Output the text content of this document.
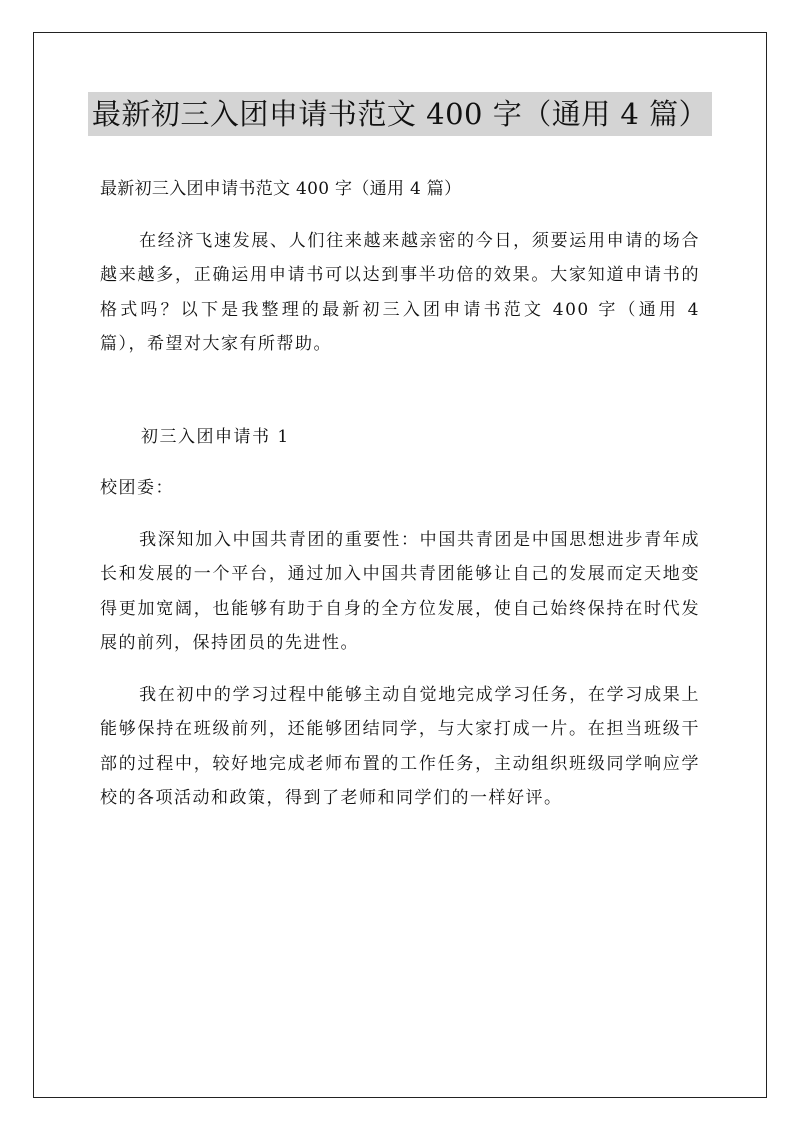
最新初三入团申请书范文 400 字（通用 4 篇）

最新初三入团申请书范文 400 字（通用 4 篇）

在经济飞速发展、人们往来越来越亲密的今日，须要运用申请的场合越来越多，正确运用申请书可以达到事半功倍的效果。大家知道申请书的格式吗？以下是我整理的最新初三入团申请书范文 400 字（通用 4 篇），希望对大家有所帮助。

初三入团申请书 1

校团委：

我深知加入中国共青团的重要性：中国共青团是中国思想进步青年成长和发展的一个平台，通过加入中国共青团能够让自己的发展而定天地变得更加宽阔，也能够有助于自身的全方位发展，使自己始终保持在时代发展的前列，保持团员的先进性。

我在初中的学习过程中能够主动自觉地完成学习任务，在学习成果上能够保持在班级前列，还能够团结同学，与大家打成一片。在担当班级干部的过程中，较好地完成老师布置的工作任务，主动组织班级同学响应学校的各项活动和政策，得到了老师和同学们的一样好评。
